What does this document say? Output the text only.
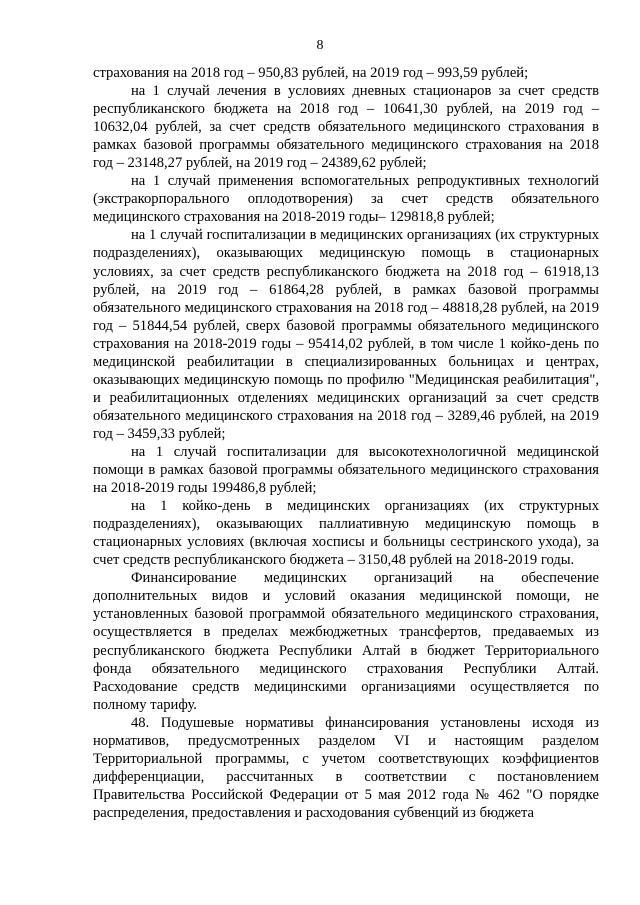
8

страхования на 2018 год – 950,83 рублей, на 2019 год – 993,59 рублей;

на 1 случай лечения в условиях дневных стационаров за счет средств республиканского бюджета на 2018 год – 10641,30 рублей, на 2019 год – 10632,04 рублей, за счет средств обязательного медицинского страхования в рамках базовой программы обязательного медицинского страхования на 2018 год – 23148,27 рублей, на 2019 год – 24389,62 рублей;

на 1 случай применения вспомогательных репродуктивных технологий (экстракорпорального оплодотворения) за счет средств обязательного медицинского страхования на 2018-2019 годы– 129818,8 рублей;

на 1 случай госпитализации в медицинских организациях (их структурных подразделениях), оказывающих медицинскую помощь в стационарных условиях, за счет средств республиканского бюджета на 2018 год – 61918,13 рублей, на 2019 год – 61864,28 рублей, в рамках базовой программы обязательного медицинского страхования на 2018 год – 48818,28 рублей, на 2019 год – 51844,54 рублей, сверх базовой программы обязательного медицинского страхования на 2018-2019 годы – 95414,02 рублей, в том числе 1 койко-день по медицинской реабилитации в специализированных больницах и центрах, оказывающих медицинскую помощь по профилю "Медицинская реабилитация", и реабилитационных отделениях медицинских организаций за счет средств обязательного медицинского страхования на 2018 год – 3289,46 рублей, на 2019 год – 3459,33 рублей;

на 1 случай госпитализации для высокотехнологичной медицинской помощи в рамках базовой программы обязательного медицинского страхования на 2018-2019 годы 199486,8 рублей;

на 1 койко-день в медицинских организациях (их структурных подразделениях), оказывающих паллиативную медицинскую помощь в стационарных условиях (включая хосписы и больницы сестринского ухода), за счет средств республиканского бюджета – 3150,48 рублей на 2018-2019 годы.

Финансирование медицинских организаций на обеспечение дополнительных видов и условий оказания медицинской помощи, не установленных базовой программой обязательного медицинского страхования, осуществляется в пределах межбюджетных трансфертов, предаваемых из республиканского бюджета Республики Алтай в бюджет Территориального фонда обязательного медицинского страхования Республики Алтай. Расходование средств медицинскими организациями осуществляется по полному тарифу.

48. Подушевые нормативы финансирования установлены исходя из нормативов, предусмотренных разделом VI и настоящим разделом Территориальной программы, с учетом соответствующих коэффициентов дифференциации, рассчитанных в соответствии с постановлением Правительства Российской Федерации от 5 мая 2012 года № 462 "О порядке распределения, предоставления и расходования субвенций из бюджета
